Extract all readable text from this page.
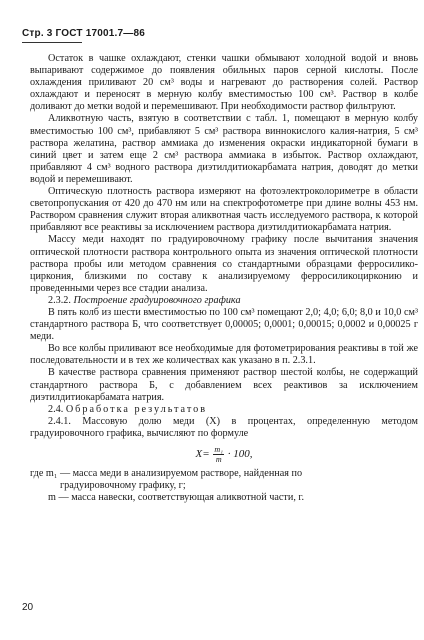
Стр. 3 ГОСТ 17001.7—86

Остаток в чашке охлаждают, стенки чашки обмывают холодной водой и вновь выпаривают содержимое до появления обильных паров серной кислоты. После охлаждения приливают 20 см³ воды и нагревают до растворения солей. Раствор охлаждают и переносят в мерную колбу вместимостью 100 см³. Раствор в колбе доливают до метки водой и перемешивают. При необходимости раствор фильтруют.

Аликвотную часть, взятую в соответствии с табл. 1, помещают в мерную колбу вместимостью 100 см³, прибавляют 5 см³ раствора виннокислого калия-натрия, 5 см³ раствора желатина, раствор аммиака до изменения окраски индикаторной бумаги в синий цвет и затем еще 2 см³ раствора аммиака в избыток. Раствор охлаждают, прибавляют 4 см³ водного раствора диэтилдитиокарбамата натрия, доводят до метки водой и перемешивают.

Оптическую плотность раствора измеряют на фотоэлектроколориметре в области светопропускания от 420 до 470 нм или на спектрофотометре при длине волны 453 нм. Раствором сравнения служит вторая аликвотная часть исследуемого раствора, к которой прибавляют все реактивы за исключением раствора диэтилдитиокарбамата натрия.

Массу меди находят по градуировочному графику после вычитания значения оптической плотности раствора контрольного опыта из значения оптической плотности раствора пробы или методом сравнения со стандартными образцами ферросиликоциркония, близкими по составу к анализируемому ферросиликоцирконию и проведенными через все стадии анализа.

2.3.2. Построение градуировочного графика

В пять колб из шести вместимостью по 100 см³ помещают 2,0; 4,0; 6,0; 8,0 и 10,0 см³ стандартного раствора Б, что соответствует 0,00005; 0,0001; 0,00015; 0,0002 и 0,00025 г меди.

Во все колбы приливают все необходимые для фотометрирования реактивы в той же последовательности и в тех же количествах как указано в п. 2.3.1.

В качестве раствора сравнения применяют раствор шестой колбы, не содержащий стандартного раствора Б, с добавлением всех реактивов за исключением диэтилдитиокарбамата натрия.

2.4. Обработка результатов

2.4.1. Массовую долю меди (X) в процентах, определенную методом градуировочного графика, вычисляют по формуле

$X= \frac{\text{m₁}}{m} \cdot 100$,

где m₁ — масса меди в анализируемом растворе, найденная по

градуировочному графику, г;

m — масса навески, соответствующая аликвотной части, г.

20
